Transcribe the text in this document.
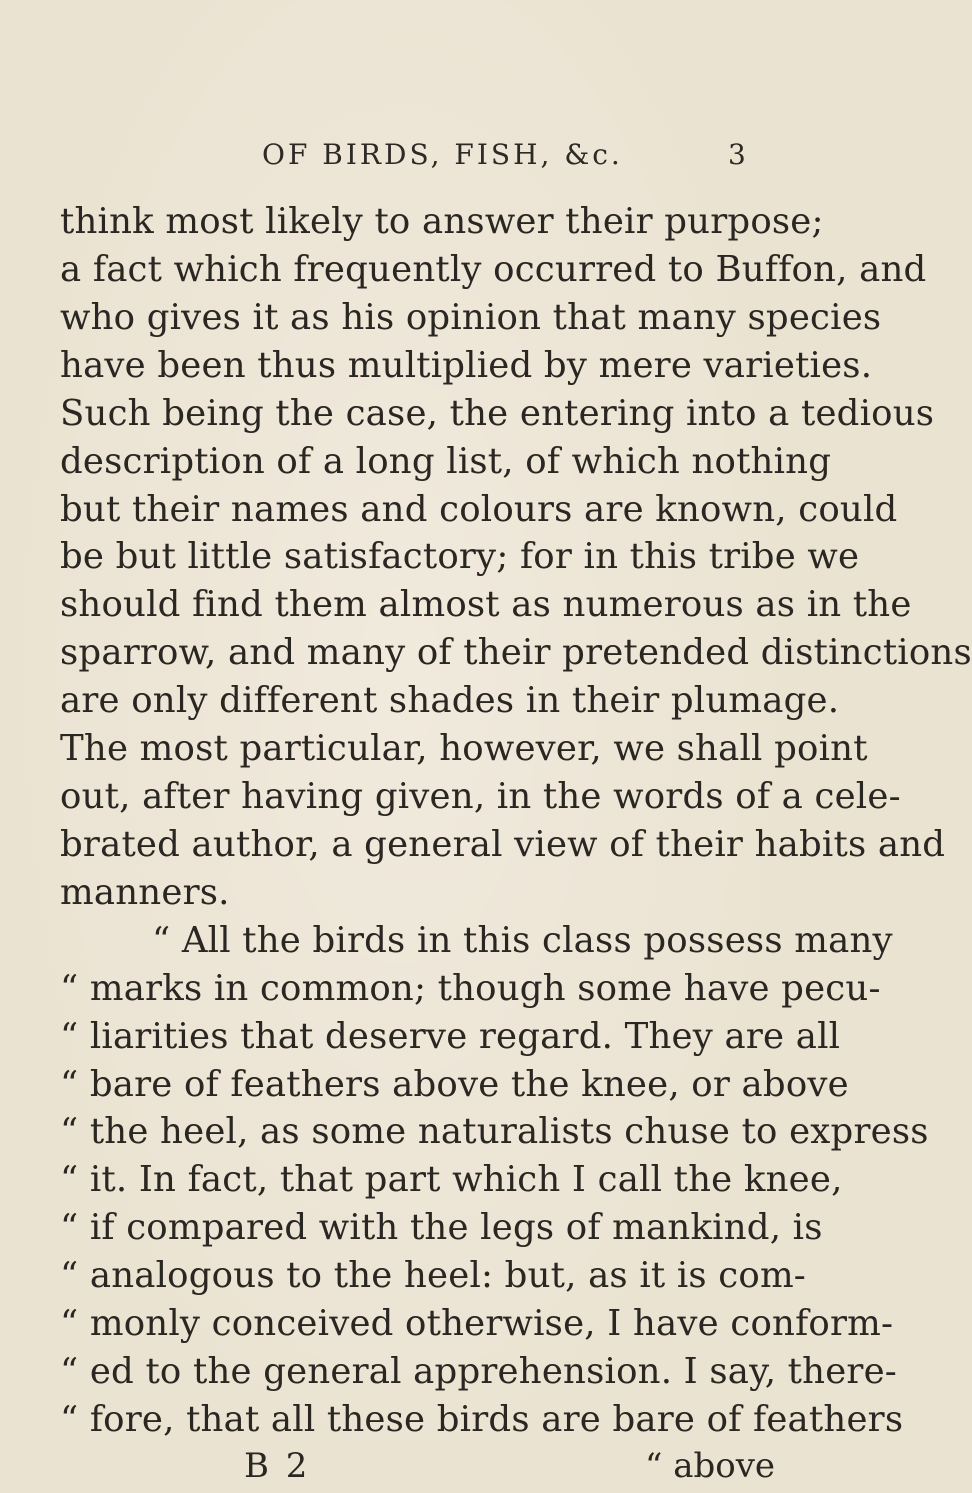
OF BIRDS, FISH, &c.	3
think most likely to answer their purpose;
a fact which frequently occurred to Buffon, and
who gives it as his opinion that many species
have been thus multiplied by mere varieties.
Such being the case, the entering into a tedious
description of a long list, of which nothing
but their names and colours are known, could
be but little satisfactory; for in this tribe we
should find them almost as numerous as in the
sparrow, and many of their pretended distinctions
are only different shades in their plumage.
The most particular, however, we shall point
out, after having given, in the words of a cele-
brated author, a general view of their habits and
manners.
“ All the birds in this class possess many
“ marks in common; though some have pecu-
“ liarities that deserve regard. They are all
“ bare of feathers above the knee, or above
“ the heel, as some naturalists chuse to express
“ it. In fact, that part which I call the knee,
“ if compared with the legs of mankind, is
“ analogous to the heel: but, as it is com-
“ monly conceived otherwise, I have conform-
“ ed to the general apprehension. I say, there-
“ fore, that all these birds are bare of feathers
B 2	“ above
